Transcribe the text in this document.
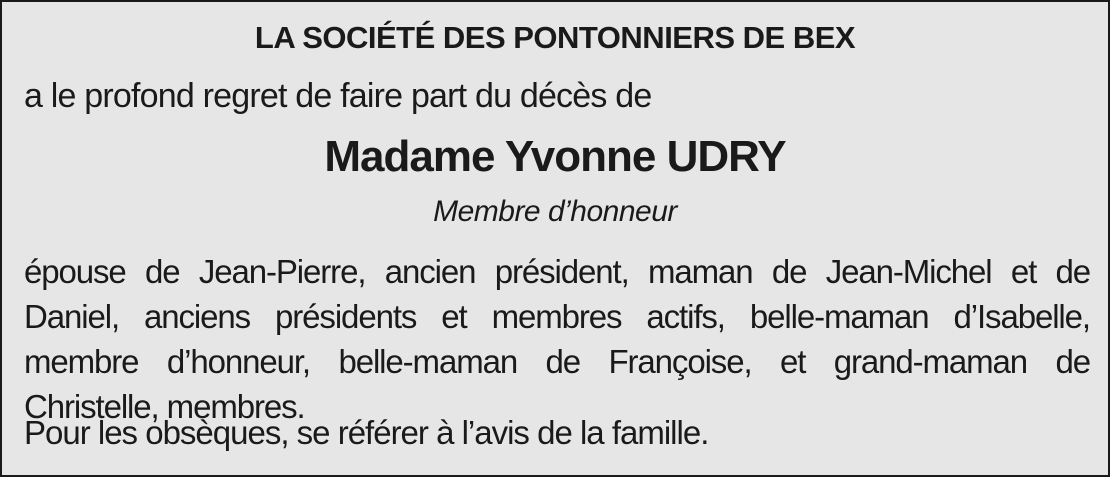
LA SOCIÉTÉ DES PONTONNIERS DE BEX

a le profond regret de faire part du décès de

Madame Yvonne UDRY

Membre d’honneur

épouse de Jean-Pierre, ancien président, maman de Jean-Michel et de Daniel, anciens présidents et membres actifs, belle-maman d’Isabelle, membre d’honneur, belle-maman de Françoise, et grand-maman de Christelle, membres.

Pour les obsèques, se référer à l’avis de la famille.
